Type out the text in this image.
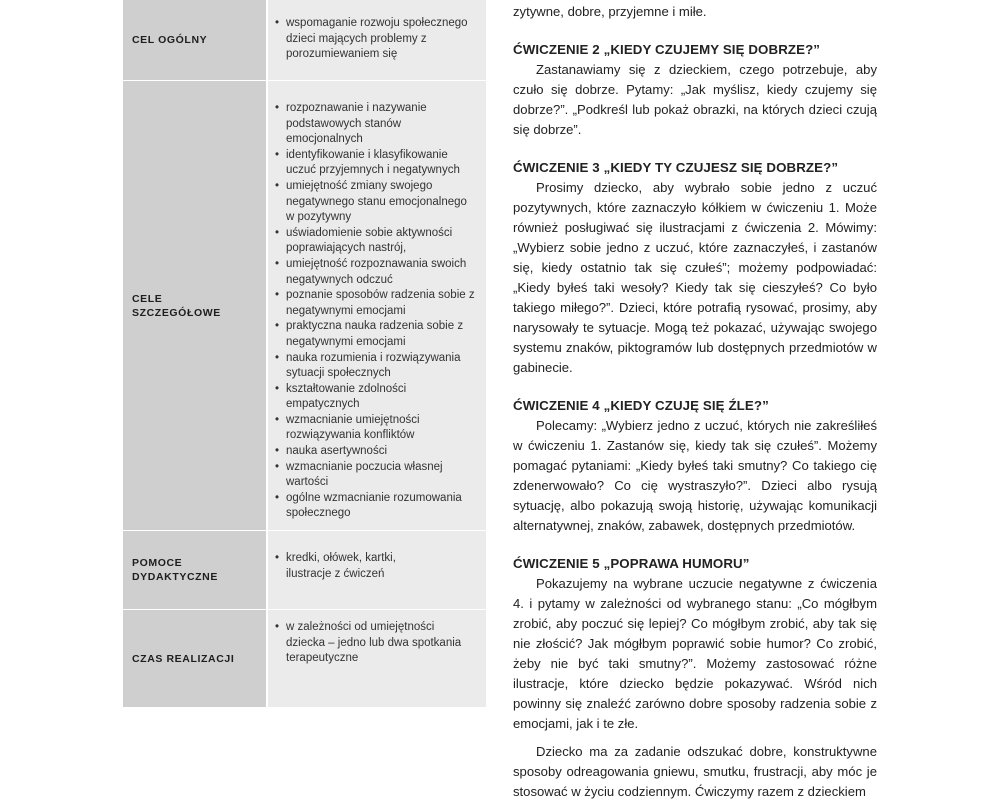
CEL OGÓLNY
• wspomaganie rozwoju społecznego dzieci mających problemy z porozumiewaniem się
CELE SZCZEGÓŁOWE
• rozpoznawanie i nazywanie podstawowych stanów emocjonalnych
• identyfikowanie i klasyfikowanie uczuć przyjemnych i negatywnych
• umiejętność zmiany swojego negatywnego stanu emocjonalnego w pozytywny
• uświadomienie sobie aktywności poprawiających nastrój,
• umiejętność rozpoznawania swoich negatywnych odczuć
• poznanie sposobów radzenia sobie z negatywnymi emocjami
• praktyczna nauka radzenia sobie z negatywnymi emocjami
• nauka rozumienia i rozwiązywania sytuacji społecznych
• kształtowanie zdolności empatycznych
• wzmacnianie umiejętności rozwiązywania konfliktów
• nauka asertywności
• wzmacnianie poczucia własnej wartości
• ogólne wzmacnianie rozumowania społecznego
POMOCE DYDAKTYCZNE
• kredki, ołówek, kartki, ilustracje z ćwiczeń
CZAS REALIZACJI
• w zależności od umiejętności dziecka – jedno lub dwa spotkania terapeutyczne

zytywne, dobre, przyjemne i miłe.

ĆWICZENIE 2 „KIEDY CZUJEMY SIĘ DOBRZE?”

Zastanawiamy się z dzieckiem, czego potrzebuje, aby czuło się dobrze. Pytamy: „Jak myślisz, kiedy czujemy się dobrze?”. „Podkreśl lub pokaż obrazki, na których dzieci czują się dobrze”.

ĆWICZENIE 3 „KIEDY TY CZUJESZ SIĘ DOBRZE?”

Prosimy dziecko, aby wybrało sobie jedno z uczuć pozytywnych, które zaznaczyło kółkiem w ćwiczeniu 1. Może również posługiwać się ilustracjami z ćwiczenia 2. Mówimy: „Wybierz sobie jedno z uczuć, które zaznaczyłeś, i zastanów się, kiedy ostatnio tak się czułeś”; możemy podpowiadać: „Kiedy byłeś taki wesoły? Kiedy tak się cieszyłeś? Co było takiego miłego?”. Dzieci, które potrafią rysować, prosimy, aby narysowały te sytuacje. Mogą też pokazać, używając swojego systemu znaków, piktogramów lub dostępnych przedmiotów w gabinecie.

ĆWICZENIE 4 „KIEDY CZUJĘ SIĘ ŹLE?”

Polecamy: „Wybierz jedno z uczuć, których nie zakreśliłeś w ćwiczeniu 1. Zastanów się, kiedy tak się czułeś”. Możemy pomagać pytaniami: „Kiedy byłeś taki smutny? Co takiego cię zdenerwowało? Co cię wystraszyło?”. Dzieci albo rysują sytuację, albo pokazują swoją historię, używając komunikacji alternatywnej, znaków, zabawek, dostępnych przedmiotów.

ĆWICZENIE 5 „POPRAWA HUMORU”

Pokazujemy na wybrane uczucie negatywne z ćwiczenia 4. i pytamy w zależności od wybranego stanu: „Co mógłbym zrobić, aby poczuć się lepiej? Co mógłbym zrobić, aby tak się nie złościć? Jak mógłbym poprawić sobie humor? Co zrobić, żeby nie być taki smutny?”. Możemy zastosować różne ilustracje, które dziecko będzie pokazywać. Wśród nich powinny się znaleźć zarówno dobre sposoby radzenia sobie z emocjami, jak i te złe.

Dziecko ma za zadanie odszukać dobre, konstruktywne sposoby odreagowania gniewu, smutku, frustracji, aby móc je stosować w życiu codziennym. Ćwiczymy razem z dzieckiem
